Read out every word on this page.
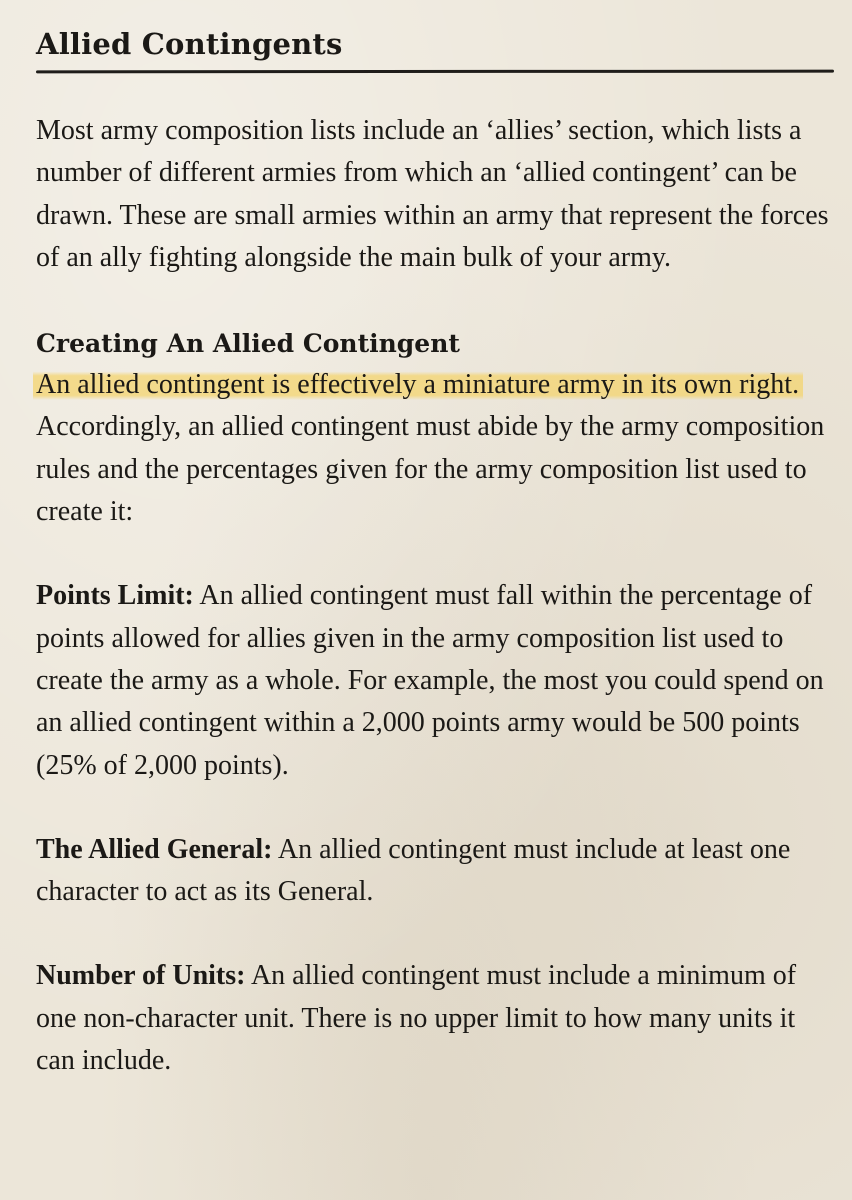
Allied Contingents

Most army composition lists include an ‘allies’ section, which lists a number of different armies from which an ‘allied contingent’ can be drawn. These are small armies within an army that represent the forces of an ally fighting alongside the main bulk of your army.

Creating An Allied Contingent

An allied contingent is effectively a miniature army in its own right. Accordingly, an allied contingent must abide by the army composition rules and the percentages given for the army composition list used to create it:

Points Limit: An allied contingent must fall within the percentage of points allowed for allies given in the army composition list used to create the army as a whole. For example, the most you could spend on an allied contingent within a 2,000 points army would be 500 points (25% of 2,000 points).

The Allied General: An allied contingent must include at least one character to act as its General.

Number of Units: An allied contingent must include a minimum of one non-character unit. There is no upper limit to how many units it can include.
